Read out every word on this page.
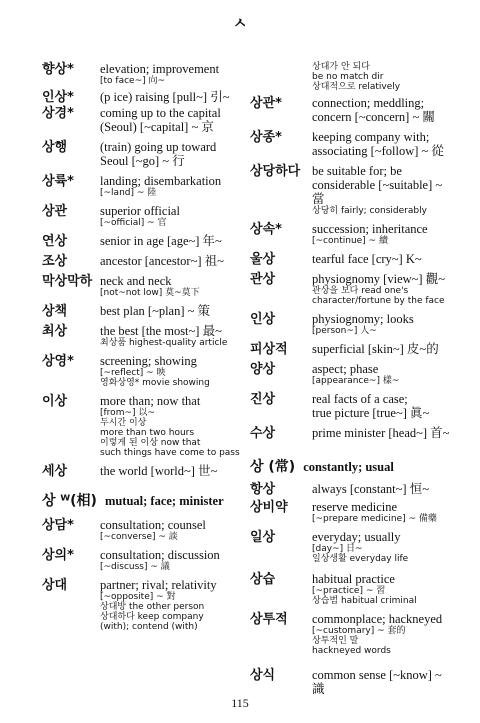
ㅅ
향상*	elevation; improvement
[to face~] 向~
인상*	(p ice) raising [pull~] 引~
상경*	coming up to the capital
(Seoul) [~capital] ~ 京
상행	(train) going up toward
Seoul [~go] ~ 行
상륙*	landing; disembarkation
[~land] ~ 陸
상관	superior official
[~official] ~ 官
연상	senior in age [age~] 年~
조상	ancestor [ancestor~] 祖~
막상막하 neck and neck
[not~not low] 莫~莫下
상책	best plan [~plan] ~ 策
최상	the best [the most~] 最~
최상품 highest-quality article
상영*	screening; showing
[~reflect] ~ 映
영화상영* movie showing
이상	more than; now that
[from~] 以~
두시간 이상
more than two hours
이렇게 된 이상 now that
such things have come to pass
세상	the world [world~] 世~
상 ᵂ(相) mutual; face; minister
상담*	consultation; counsel
[~converse] ~ 談
상의*	consultation; discussion
[~discuss] ~ 議
상대	partner; rival; relativity
[~opposite] ~ 對
상대방 the other person
상대하다 keep company
(with); contend (with)
상대가 안 되다
be no match dir
상대적으로 relatively
상관*	connection; meddling;
concern [~concern] ~ 關
상종*	keeping company with;
associating [~follow] ~ 從
상당하다 be suitable for; be
considerable [~suitable] ~ 當
상당히 fairly; considerably
상속*	succession; inheritance
[~continue] ~ 續
울상	tearful face [cry~] K~
관상	physiognomy [view~] 觀~
관상을 보다 read one's
character/fortune by the face
인상	physiognomy; looks
[person~] 人~
피상적	superficial [skin~] 皮~的
양상	aspect; phase
[appearance~] 樣~
진상	real facts of a case;
true picture [true~] 眞~
수상	prime minister [head~] 首~
상 (常) constantly; usual
항상	always [constant~] 恒~
상비약	reserve medicine
[~prepare medicine] ~ 備藥
일상	everyday; usually
[day~] 日~
일상생활 everyday life
상습	habitual practice
[~practice] ~ 習
상습범 habitual criminal
상투적	commonplace; hackneyed
[~customary] ~ 套的
상투적인 말
hackneyed words
상식	common sense [~know] ~識
115
